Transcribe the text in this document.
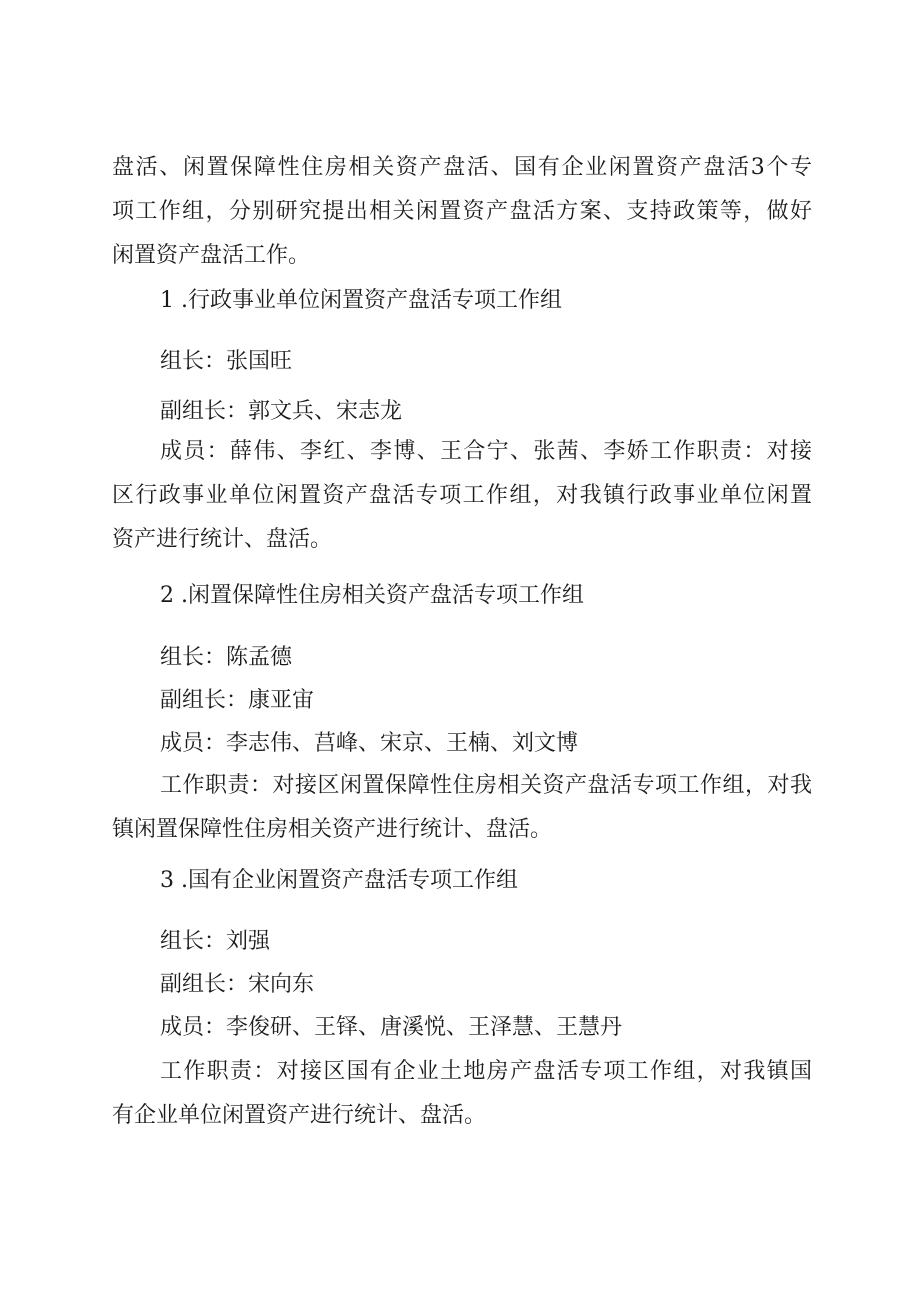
盘活、闲置保障性住房相关资产盘活、国有企业闲置资产盘活3个专
项工作组，分别研究提出相关闲置资产盘活方案、支持政策等，做好
闲置资产盘活工作。

1 .行政事业单位闲置资产盘活专项工作组

组长：张国旺

副组长：郭文兵、宋志龙

成员：薛伟、李红、李博、王合宁、张茜、李娇工作职责：对接
区行政事业单位闲置资产盘活专项工作组，对我镇行政事业单位闲置
资产进行统计、盘活。

2 .闲置保障性住房相关资产盘活专项工作组

组长：陈孟德

副组长：康亚宙

成员：李志伟、莒峰、宋京、王楠、刘文博

工作职责：对接区闲置保障性住房相关资产盘活专项工作组，对我
镇闲置保障性住房相关资产进行统计、盘活。

3 .国有企业闲置资产盘活专项工作组

组长：刘强

副组长：宋向东

成员：李俊研、王铎、唐溪悦、王泽慧、王慧丹

工作职责：对接区国有企业土地房产盘活专项工作组，对我镇国
有企业单位闲置资产进行统计、盘活。
